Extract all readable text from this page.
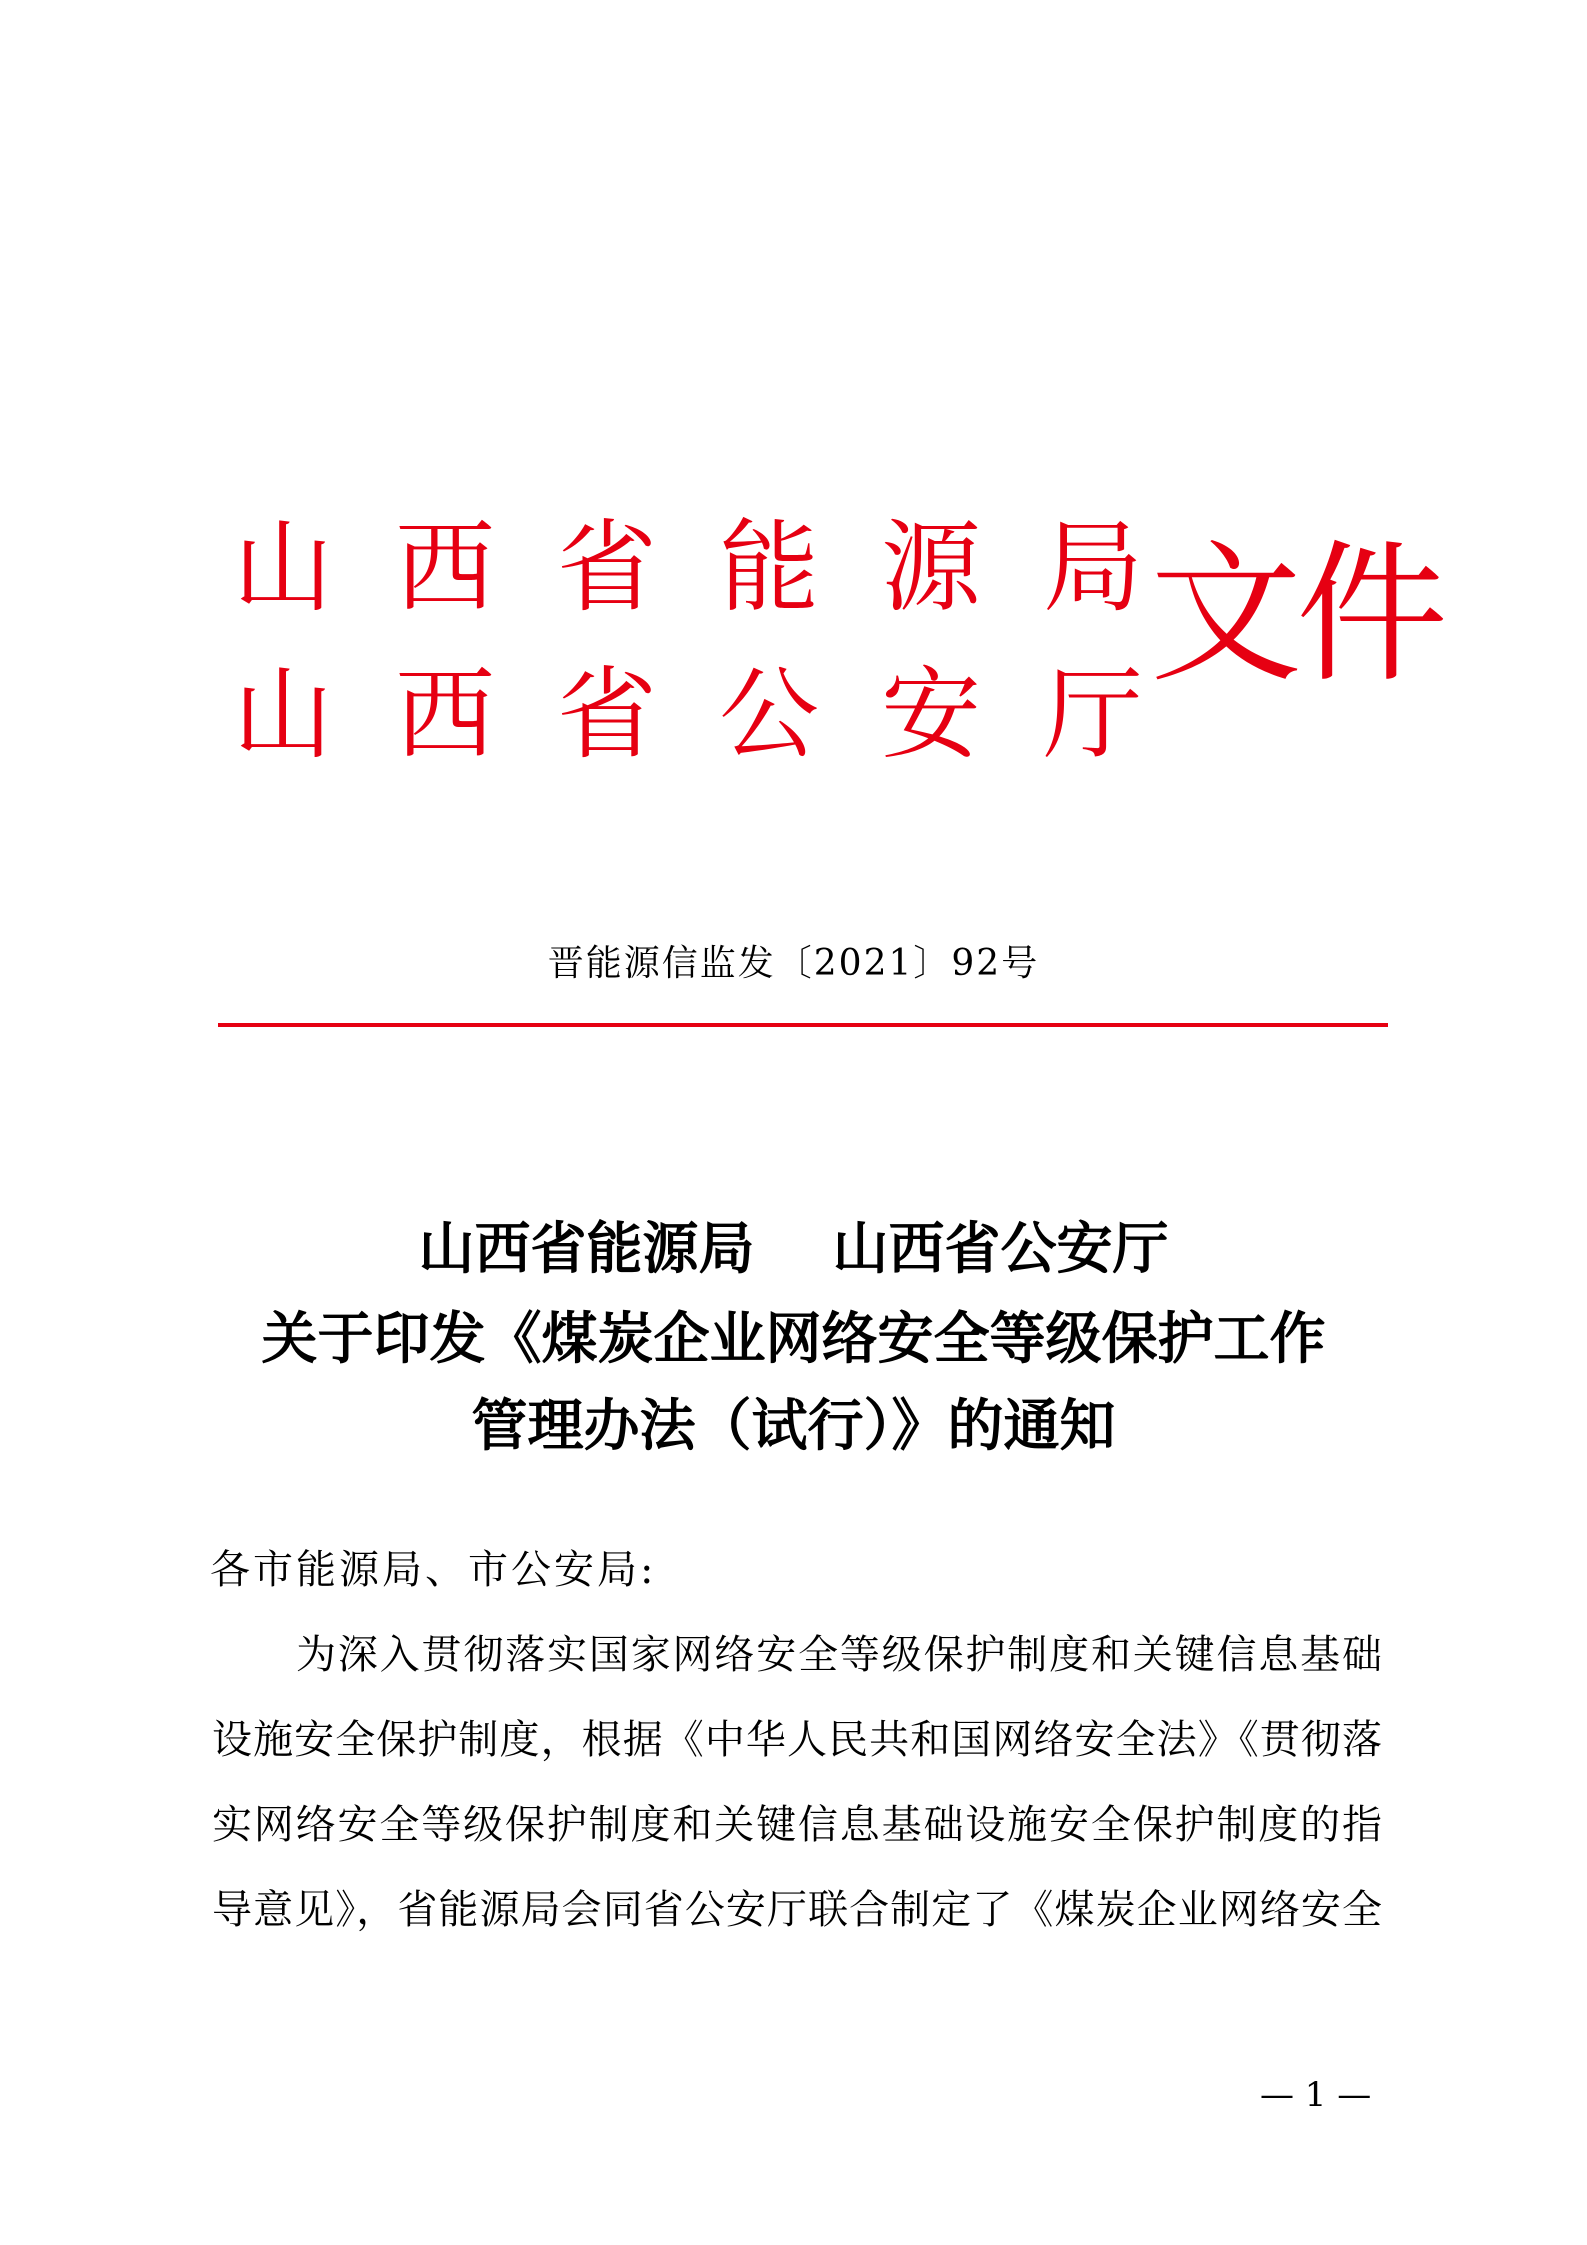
山西省能源局
山西省公安厅
文件
晋能源信监发〔2021〕92号
山西省能源局    山西省公安厅
关于印发《煤炭企业网络安全等级保护工作
管理办法（试行）》的通知
各市能源局、市公安局:
为深入贯彻落实国家网络安全等级保护制度和关键信息基础
设施安全保护制度，根据《中华人民共和国网络安全法》《贯彻落
实网络安全等级保护制度和关键信息基础设施安全保护制度的指
导意见》，省能源局会同省公安厅联合制定了《煤炭企业网络安全
— 1 —
